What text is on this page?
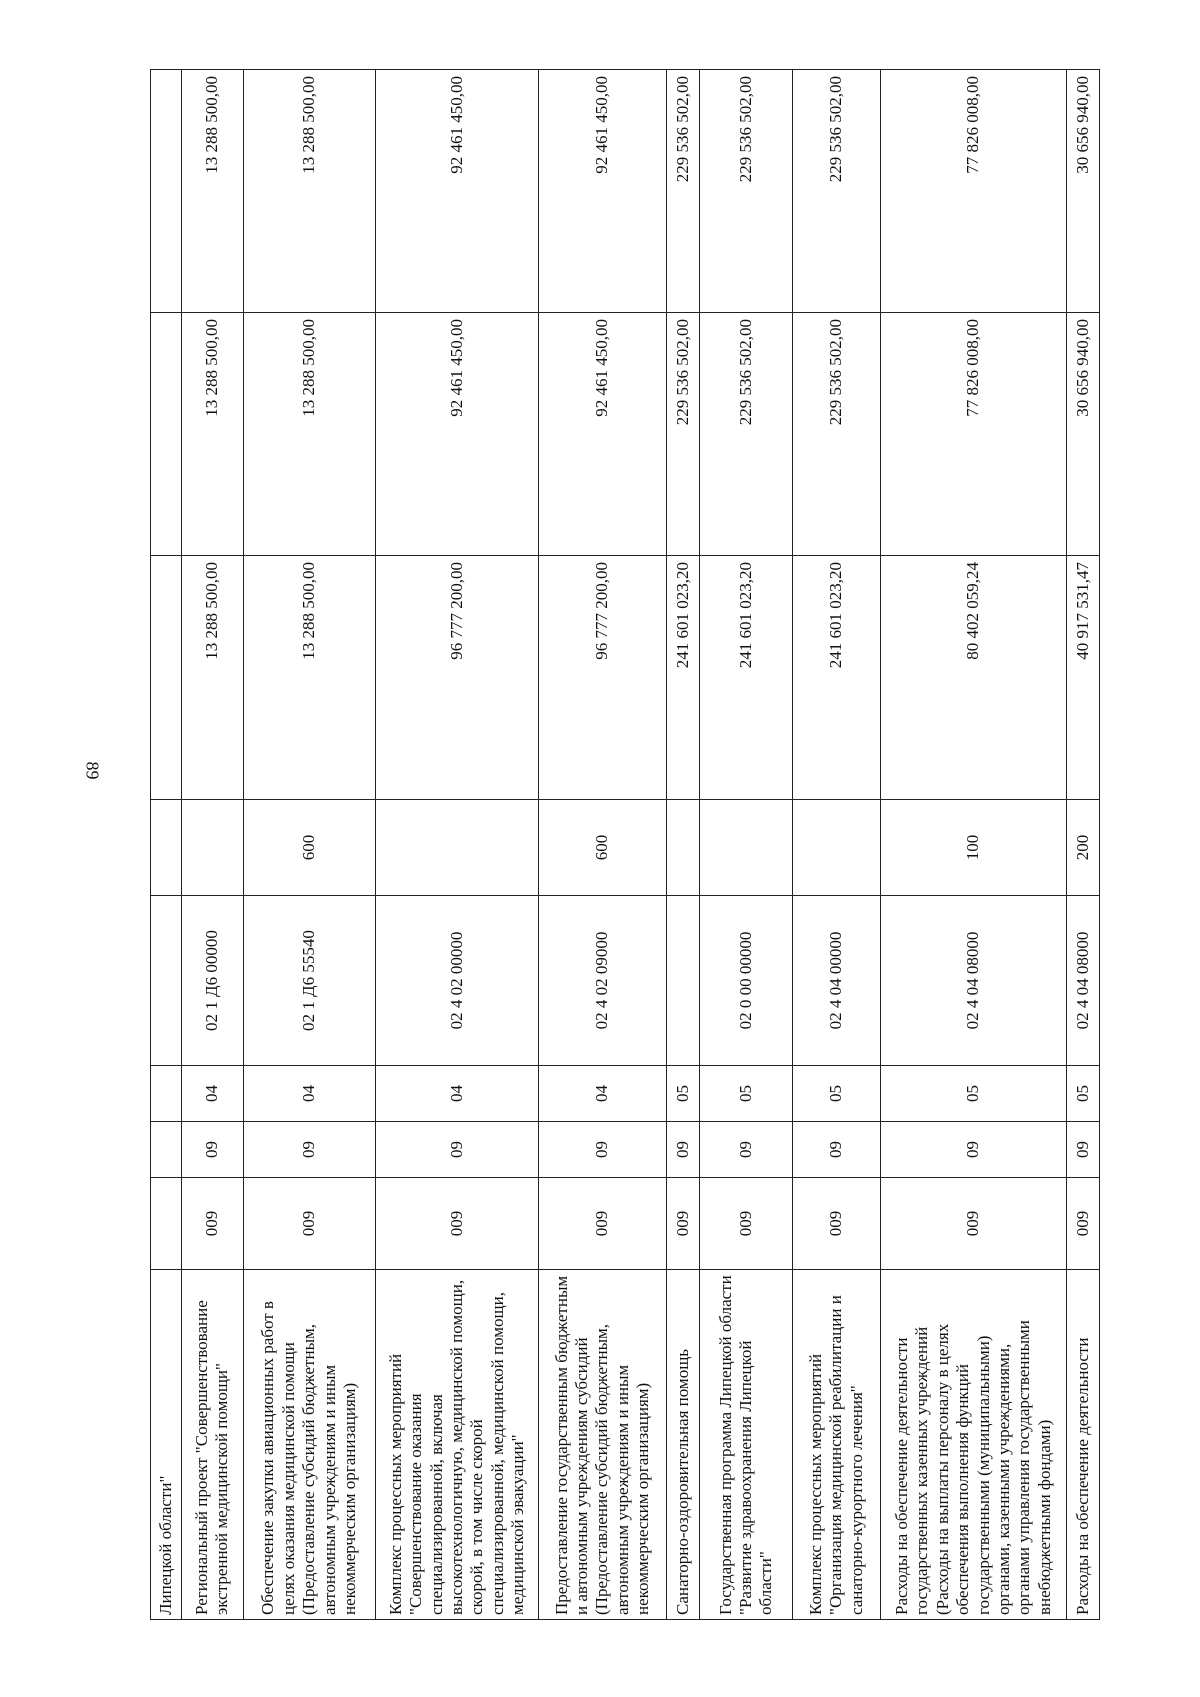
89
Липецкой области"								
Региональный проект "Совершенствование экстренной медицинской помощи"	009	09	04	02 1 Д6 00000		13 288 500,00	13 288 500,00	13 288 500,00
Обеспечение закупки авиационных работ в целях оказания медицинской помощи (Предоставление субсидий бюджетным, автономным учреждениям и иным некоммерческим организациям)	009	09	04	02 1 Д6 55540	600	13 288 500,00	13 288 500,00	13 288 500,00
Комплекс процессных мероприятий "Совершенствование оказания специализированной, включая высокотехнологичную, медицинской помощи, скорой, в том числе скорой специализированной, медицинской помощи, медицинской эвакуации"	009	09	04	02 4 02 00000		96 777 200,00	92 461 450,00	92 461 450,00
Предоставление государственным бюджетным и автономным учреждениям субсидий (Предоставление субсидий бюджетным, автономным учреждениям и иным некоммерческим организациям)	009	09	04	02 4 02 09000	600	96 777 200,00	92 461 450,00	92 461 450,00
Санаторно-оздоровительная помощь	009	09	05			241 601 023,20	229 536 502,00	229 536 502,00
Государственная программа Липецкой области "Развитие здравоохранения Липецкой области"	009	09	05	02 0 00 00000		241 601 023,20	229 536 502,00	229 536 502,00
Комплекс процессных мероприятий "Организация медицинской реабилитации и санаторно-курортного лечения"	009	09	05	02 4 04 00000		241 601 023,20	229 536 502,00	229 536 502,00
Расходы на обеспечение деятельности государственных казенных учреждений (Расходы на выплаты персоналу в целях обеспечения выполнения функций государственными (муниципальными) органами, казенными учреждениями, органами управления государственными внебюджетными фондами)	009	09	05	02 4 04 08000	100	80 402 059,24	77 826 008,00	77 826 008,00
Расходы на обеспечение деятельности	009	09	05	02 4 04 08000	200	40 917 531,47	30 656 940,00	30 656 940,00
